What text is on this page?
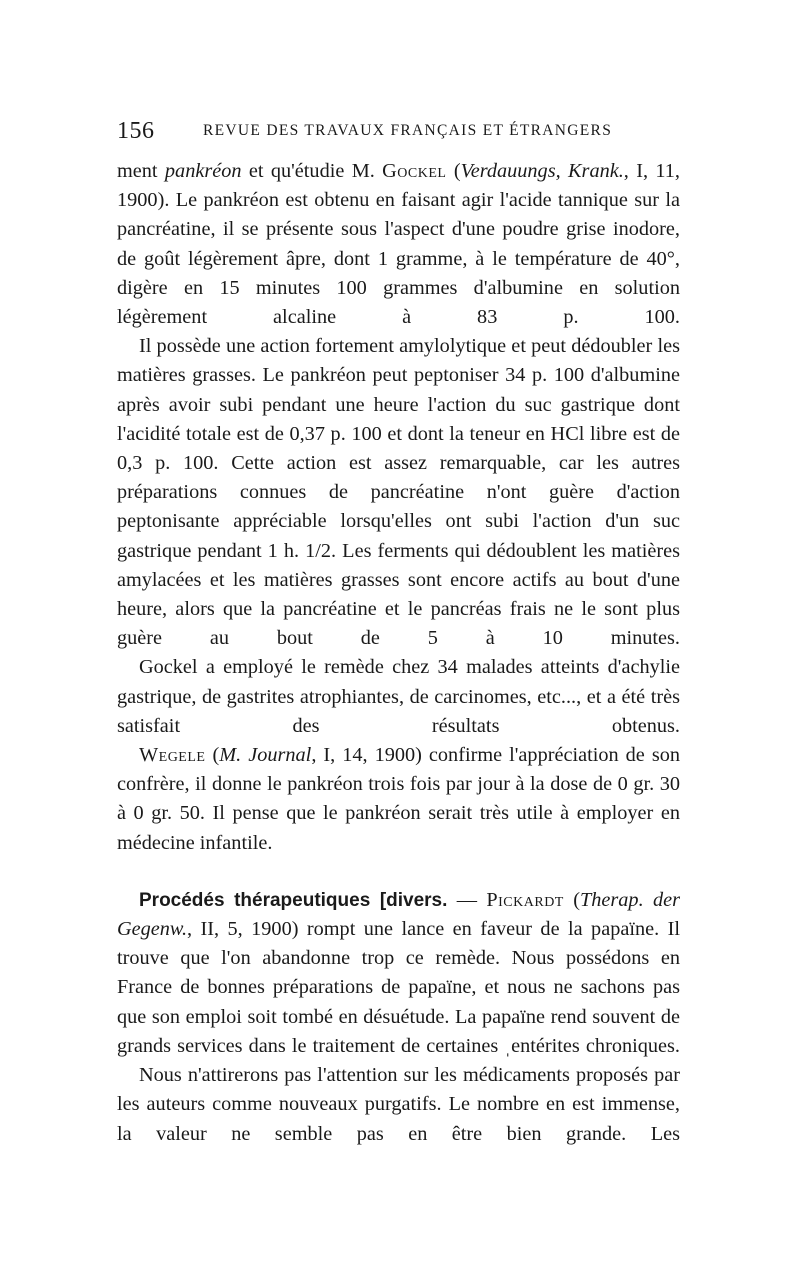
156	REVUE DES TRAVAUX FRANÇAIS ET ÉTRANGERS

ment pankréon et qu'étudie M. Gockel (Verdauungs, Krank., I, 11, 1900). Le pankréon est obtenu en faisant agir l'acide tannique sur la pancréatine, il se présente sous l'aspect d'une poudre grise inodore, de goût légèrement âpre, dont 1 gramme, à le température de 40°, digère en 15 minutes 100 grammes d'albumine en solution légèrement alcaline à 83 p. 100.

Il possède une action fortement amylolytique et peut dédoubler les matières grasses. Le pankréon peut peptoniser 34 p. 100 d'albumine après avoir subi pendant une heure l'action du suc gastrique dont l'acidité totale est de 0,37 p. 100 et dont la teneur en HCl libre est de 0,3 p. 100. Cette action est assez remarquable, car les autres préparations connues de pancréatine n'ont guère d'action peptonisante appréciable lorsqu'elles ont subi l'action d'un suc gastrique pendant 1 h. 1/2. Les ferments qui dédoublent les matières amylacées et les matières grasses sont encore actifs au bout d'une heure, alors que la pancréatine et le pancréas frais ne le sont plus guère au bout de 5 à 10 minutes.

Gockel a employé le remède chez 34 malades atteints d'achylie gastrique, de gastrites atrophiantes, de carcinomes, etc..., et a été très satisfait des résultats obtenus.

Wegele (M. Journal, I, 14, 1900) confirme l'appréciation de son confrère, il donne le pankréon trois fois par jour à la dose de 0 gr. 30 à 0 gr. 50. Il pense que le pankréon serait très utile à employer en médecine infantile.

Procédés thérapeutiques [divers. — Pickardt (Therap. der Gegenw., II, 5, 1900) rompt une lance en faveur de la papaïne. Il trouve que l'on abandonne trop ce remède. Nous possédons en France de bonnes préparations de papaïne, et nous ne sachons pas que son emploi soit tombé en désuétude. La papaïne rend souvent de grands services dans le traitement de certaines ˌentérites chroniques.

Nous n'attirerons pas l'attention sur les médicaments proposés par les auteurs comme nouveaux purgatifs. Le nombre en est immense, la valeur ne semble pas en être bien grande. Les
